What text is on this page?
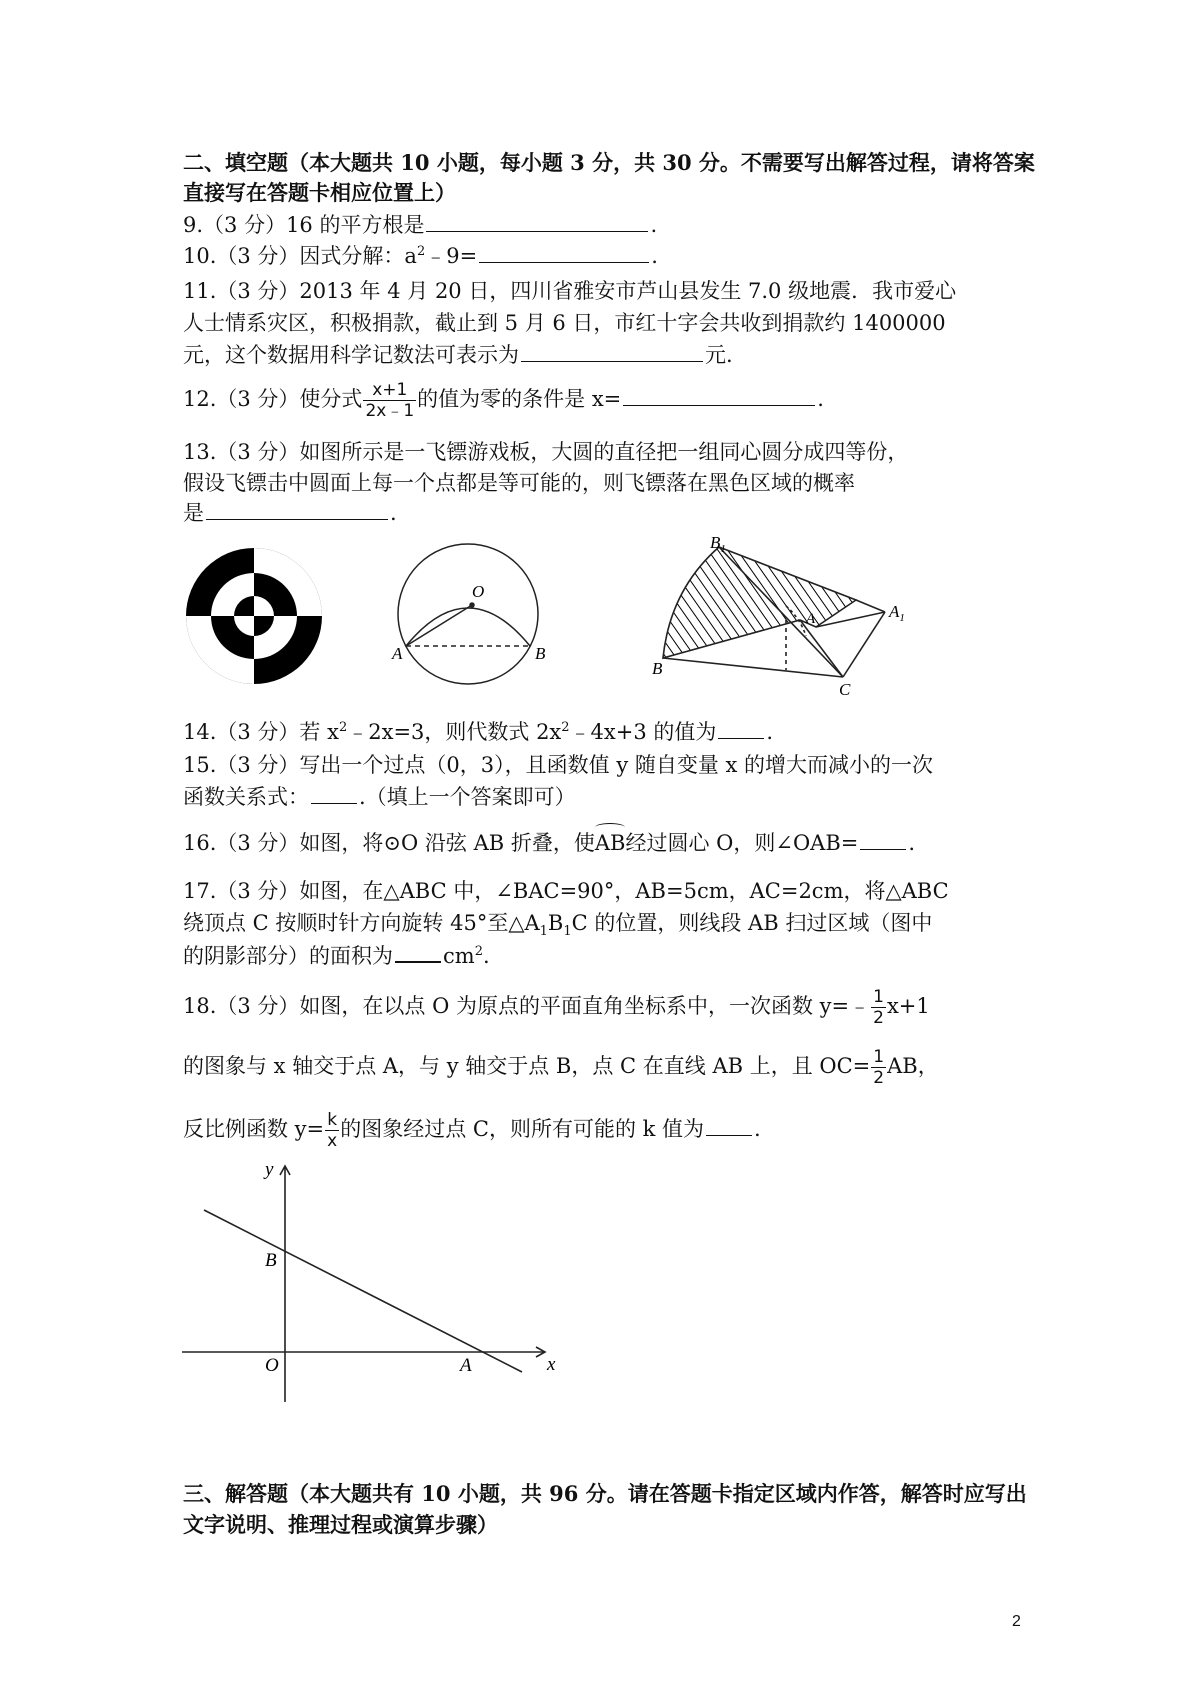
二、填空题（本大题共 10 小题，每小题 3 分，共 30 分。不需要写出解答过程，请将答案
直接写在答题卡相应位置上）
9.（3 分）16 的平方根是	.
10.（3 分）因式分解：$a^2﹣9=$	.
11.（3 分）2013 年 4 月 20 日，四川省雅安市芦山县发生 7.0 级地震．我市爱心
人士情系灾区，积极捐款，截止到 5 月 6 日，市红十字会共收到捐款约 1400000
元，这个数据用科学记数法可表示为	元.
12.（3 分）使分式 $\frac{x+1}{2x﹣1}$ 的值为零的条件是 x=	.
13.（3 分）如图所示是一飞镖游戏板，大圆的直径把一组同心圆分成四等份，
假设飞镖击中圆面上每一个点都是等可能的，则飞镖落在黑色区域的概率
是	.
O
A	B
$B_1$
$A_1$
A
B
C
y
x
O	A
B
14.（3 分）若 $x^2﹣2x=3$，则代数式 $2x^2﹣4x+3$ 的值为 .
15.（3 分）写出一个过点（0，3），且函数值 y 随自变量 x 的增大而减小的一次
函数关系式： .（填上一个答案即可）
16.（3 分）如图，将⊙O 沿弦 AB 折叠，使AB经过圆心 O，则∠OAB= .
17.（3 分）如图，在△ABC 中，∠BAC=90°，AB=5cm，AC=2cm，将△ABC
绕顶点 C 按顺时针方向旋转 45°至$\triangle A_1B_1C$ 的位置，则线段 AB 扫过区域（图中
的阴影部分）的面积为 $cm^2$.
18.（3 分）如图，在以点 O 为原点的平面直角坐标系中，一次函数 y=﹣ $\frac{1}{2} x+1$
的图象与 x 轴交于点 A，与 y 轴交于点 B，点 C 在直线 AB 上，且 $OC= \frac{1}{2}$ AB，
反比例函数 $y= \frac{k}{x}$ 的图象经过点 C，则所有可能的 k 值为 .
三、解答题（本大题共有 10 小题，共 96 分。请在答题卡指定区域内作答，解答时应写出
文字说明、推理过程或演算步骤）
2
